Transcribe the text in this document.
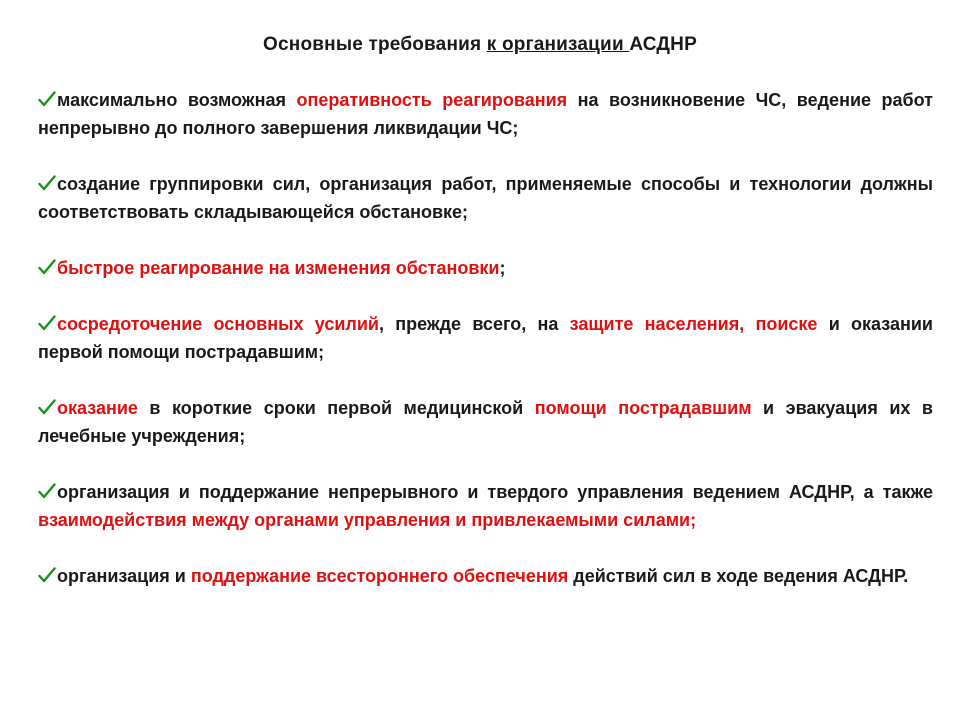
Основные требования к организации АСДНР
максимально возможная оперативность реагирования на возникновение ЧС, ведение работ непрерывно до полного завершения ликвидации ЧС;
создание группировки сил, организация работ, применяемые способы и технологии должны соответствовать складывающейся обстановке;
быстрое реагирование на изменения обстановки;
сосредоточение основных усилий, прежде всего, на защите населения, поиске и оказании первой помощи пострадавшим;
оказание в короткие сроки первой медицинской помощи пострадавшим и эвакуация их в лечебные учреждения;
организация и поддержание непрерывного и твердого управления ведением АСДНР, а также взаимодействия между органами управления и привлекаемыми силами;
организация и поддержание всестороннего обеспечения действий сил в ходе ведения АСДНР.
